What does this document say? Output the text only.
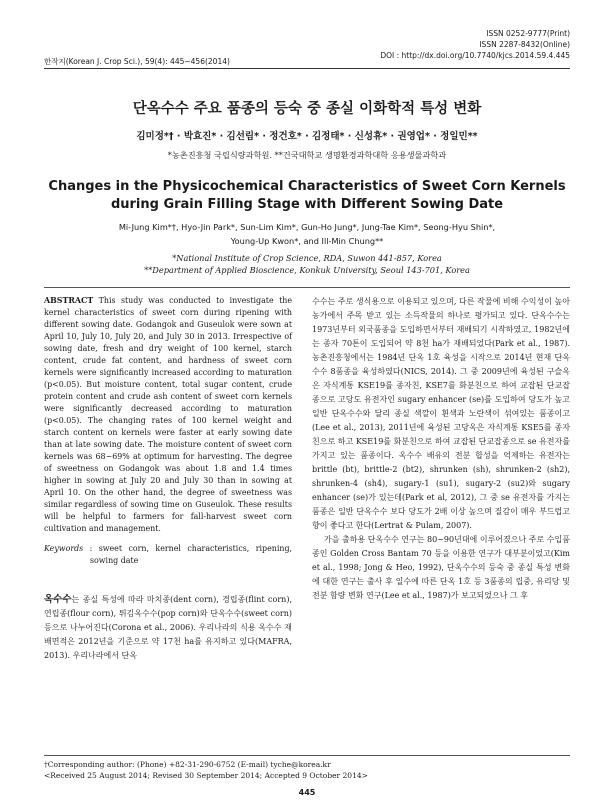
한작지(Korean J. Crop Sci.), 59(4): 445~456(2014)
ISSN 0252-9777(Print)
ISSN 2287-8432(Online)
DOI : http://dx.doi.org/10.7740/kjcs.2014.59.4.445
단옥수수 주요 품종의 등숙 중 종실 이화학적 특성 변화
김미정*† · 박효진* · 김선림* · 정건호* · 김정태* · 신성휴* · 권영업* · 정일민**
*농촌진흥청 국립식량과학원. **건국대학교 생명환경과학대학 응용생물과학과
Changes in the Physicochemical Characteristics of Sweet Corn Kernels during Grain Filling Stage with Different Sowing Date
Mi-Jung Kim*†, Hyo-Jin Park*, Sun-Lim Kim*, Gun-Ho Jung*, Jung-Tae Kim*, Seong-Hyu Shin*,
Young-Up Kwon*, and Ill-Min Chung**
*National Institute of Crop Science, RDA, Suwon 441-857, Korea
**Department of Applied Bioscience, Konkuk University, Seoul 143-701, Korea
ABSTRACT This study was conducted to investigate the kernel characteristics of sweet corn during ripening with different sowing date. Godangok and Guseulok were sown at April 10, July 10, July 20, and July 30 in 2013. Irrespective of sowing date, fresh and dry weight of 100 kernel, starch content, crude fat content, and hardness of sweet corn kernels were significantly increased according to maturation (p<0.05). But moisture content, total sugar content, crude protein content and crude ash content of sweet corn kernels were significantly decreased according to maturation (p<0.05). The changing rates of 100 kernel weight and starch content on kernels were faster at early sowing date than at late sowing date. The moisture content of sweet corn kernels was 68~69% at optimum for harvesting. The degree of sweetness on Godangok was about 1.8 and 1.4 times higher in sowing at July 20 and July 30 than in sowing at April 10. On the other hand, the degree of sweetness was similar regardless of sowing time on Guseulok. These results will be helpful to farmers for fall-harvest sweet corn cultivation and management.
Keywords : sweet corn, kernel characteristics, ripening, sowing date
옥수수는 종실 특성에 따라 마치종(dent corn), 경립종(flint corn), 연립종(flour corn), 튀김옥수수(pop corn)와 단옥수수(sweet corn) 등으로 나누어진다(Corona et al., 2006). 우리나라의 식용 옥수수 재배면적은 2012년을 기준으로 약 17천 ha를 유지하고 있다(MAFRA, 2013). 우리나라에서 단옥

수수는 주로 생식용으로 이용되고 있으며, 다른 작물에 비해 수익성이 높아 농가에서 주목 받고 있는 소득작물의 하나로 평가되고 있다. 단옥수수는 1973년부터 외국품종을 도입하면서부터 재배되기 시작하였고, 1982년에는 종자 70톤이 도입되어 약 8천 ha가 재배되었다(Park et al., 1987). 농촌진흥청에서는 1984년 단옥 1호 육성을 시작으로 2014년 현재 단옥수수 8품종을 육성하였다(NICS, 2014). 그 중 2009년에 육성된 구슬옥은 자식계통 KSE19를 종자친, KSE7를 화분친으로 하여 교잡된 단교잡종으로 고당도 유전자인 sugary enhancer (se)를 도입하여 당도가 높고 일반 단옥수수와 달리 종실 색깔이 흰색과 노란색이 섞여있는 품종이고(Lee et al., 2013), 2011년에 육성된 고당옥은 자식계통 KSE5를 종자친으로 하고 KSE19를 화분친으로 하여 교잡된 단교잡종으로 se 유전자를 가지고 있는 품종이다. 옥수수 배유의 전분 합성을 억제하는 유전자는 brittle (bt), brittle-2 (bt2), shrunken (sh), shrunken-2 (sh2), shrunken-4 (sh4), sugary-1 (su1), sugary-2 (su2)와 sugary enhancer (se)가 있는데(Park et al, 2012), 그 중 se 유전자를 가지는 품종은 일반 단옥수수 보다 당도가 2배 이상 높으며 질감이 매우 부드럽고 향이 좋다고 한다(Lertrat & Pulam, 2007).

가을 출하용 단옥수수 연구는 80~90년대에 이루어졌으나 주로 수입품종인 Golden Cross Bantam 70 등을 이용한 연구가 대부분이었고(Kim et al., 1998; Jong & Heo, 1992), 단옥수수의 등숙 중 종실 특성 변화에 대한 연구는 출사 후 일수에 따른 단옥 1호 등 3품종의 립중, 유리당 및 전분 함량 변화 연구(Lee et al., 1987)가 보고되었으나 그 후

†Corresponding author: (Phone) +82-31-290-6752 (E-mail) tyche@korea.kr
<Received 25 August 2014; Revised 30 September 2014; Accepted 9 October 2014>
445
